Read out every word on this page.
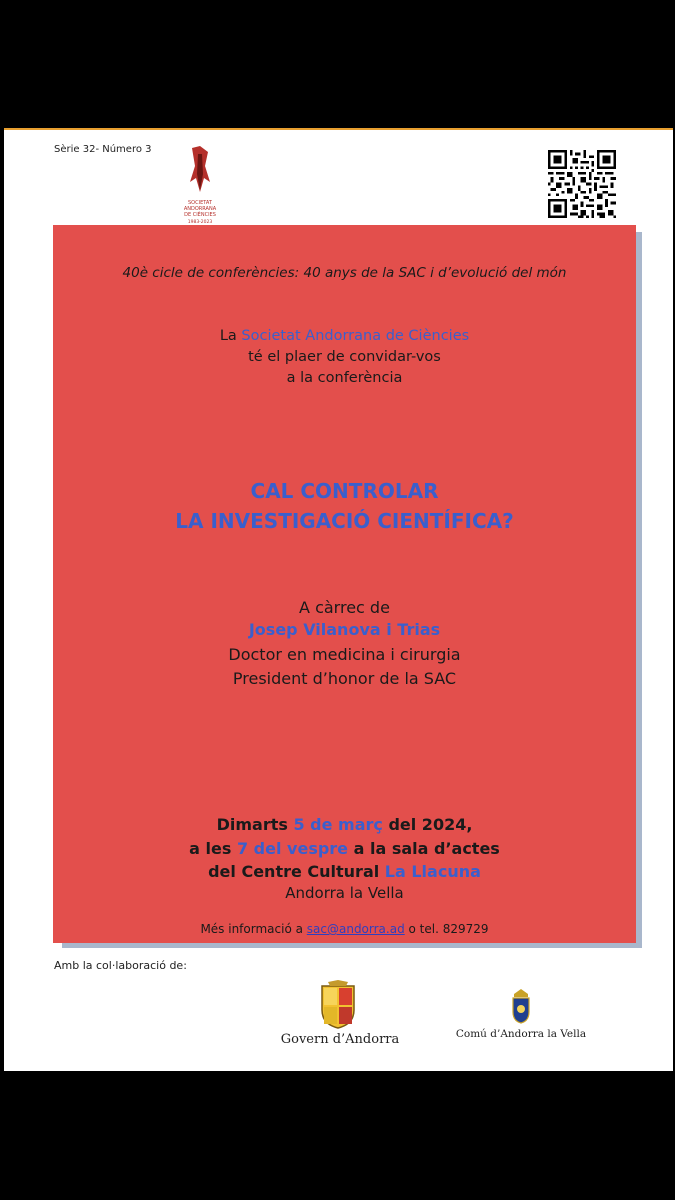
Sèrie 32- Número 3
SOCIETAT
ANDORRANA
DE CIÈNCIES
1983-2023
40è cicle de conferències: 40 anys de la SAC i d’evolució del món
La Societat Andorrana de Ciències
té el plaer de convidar-vos
a la conferència
CAL CONTROLAR
LA INVESTIGACIÓ CIENTÍFICA?
A càrrec de
Josep Vilanova i Trias
Doctor en medicina i cirurgia
President d’honor de la SAC
Dimarts 5 de març del 2024,
a les 7 del vespre a la sala d’actes
del Centre Cultural La Llacuna
Andorra la Vella
Més informació a sac@andorra.ad o tel. 829729
Amb la col·laboració de:
Govern d’Andorra	Comú d’Andorra la Vella
